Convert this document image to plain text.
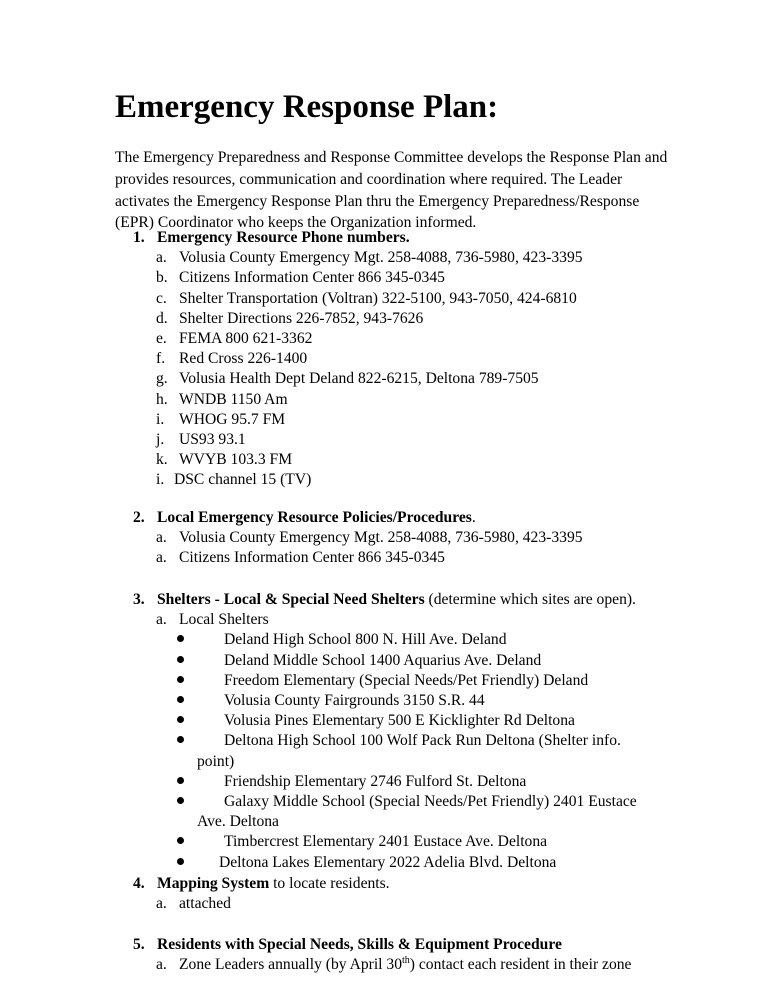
Emergency Response Plan:
The Emergency Preparedness and Response Committee develops the Response Plan and
provides resources, communication and coordination where required. The Leader
activates the Emergency Response Plan thru the Emergency Preparedness/Response
(EPR) Coordinator who keeps the Organization informed.
1. Emergency Resource Phone numbers.
a. Volusia County Emergency Mgt. 258-4088, 736-5980, 423-3395
b. Citizens Information Center 866 345-0345
c. Shelter Transportation (Voltran) 322-5100, 943-7050, 424-6810
d. Shelter Directions 226-7852, 943-7626
e. FEMA 800 621-3362
f. Red Cross 226-1400
g. Volusia Health Dept Deland 822-6215, Deltona 789-7505
h. WNDB 1150 Am
i. WHOG 95.7 FM
j. US93 93.1
k. WVYB 103.3 FM
i. DSC channel 15 (TV)
2. Local Emergency Resource Policies/Procedures.
a. Volusia County Emergency Mgt. 258-4088, 736-5980, 423-3395
a. Citizens Information Center 866 345-0345
3. Shelters - Local & Special Need Shelters (determine which sites are open).
a. Local Shelters
Deland High School 800 N. Hill Ave. Deland
Deland Middle School 1400 Aquarius Ave. Deland
Freedom Elementary (Special Needs/Pet Friendly) Deland
Volusia County Fairgrounds 3150 S.R. 44
Volusia Pines Elementary 500 E Kicklighter Rd Deltona
Deltona High School 100 Wolf Pack Run Deltona (Shelter info.
point)
Friendship Elementary 2746 Fulford St. Deltona
Galaxy Middle School (Special Needs/Pet Friendly) 2401 Eustace
Ave. Deltona
Timbercrest Elementary 2401 Eustace Ave. Deltona
Deltona Lakes Elementary 2022 Adelia Blvd. Deltona
4. Mapping System to locate residents.
a. attached
5. Residents with Special Needs, Skills & Equipment Procedure
a. Zone Leaders annually (by April 30th) contact each resident in their zone
